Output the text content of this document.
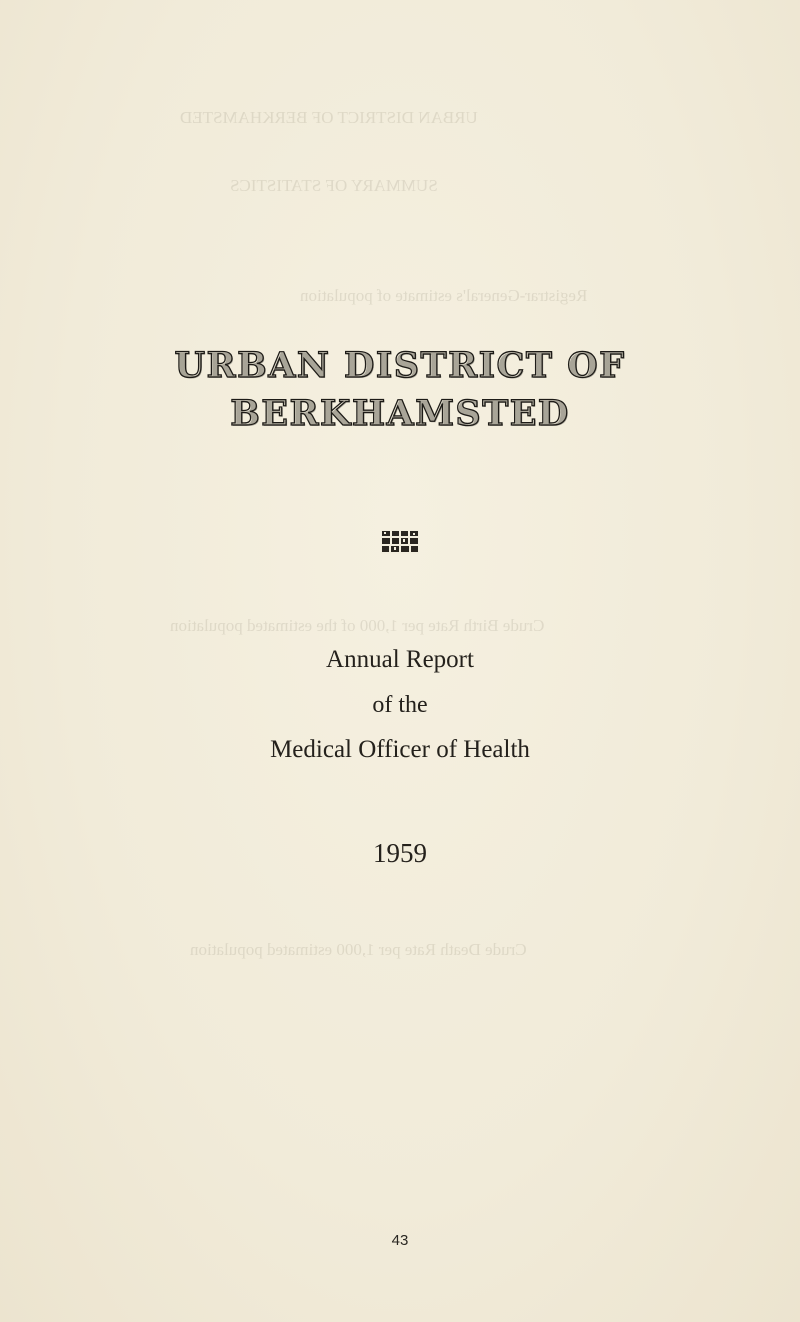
URBAN DISTRICT OF BERKHAMSTED
SUMMARY OF STATISTICS
Registrar-General's estimate of population
Crude Birth Rate per 1,000 of the estimated population
Crude Death Rate per 1,000 estimated population
URBAN DISTRICT OF
BERKHAMSTED
Annual Report
of the
Medical Officer of Health
1959
43
